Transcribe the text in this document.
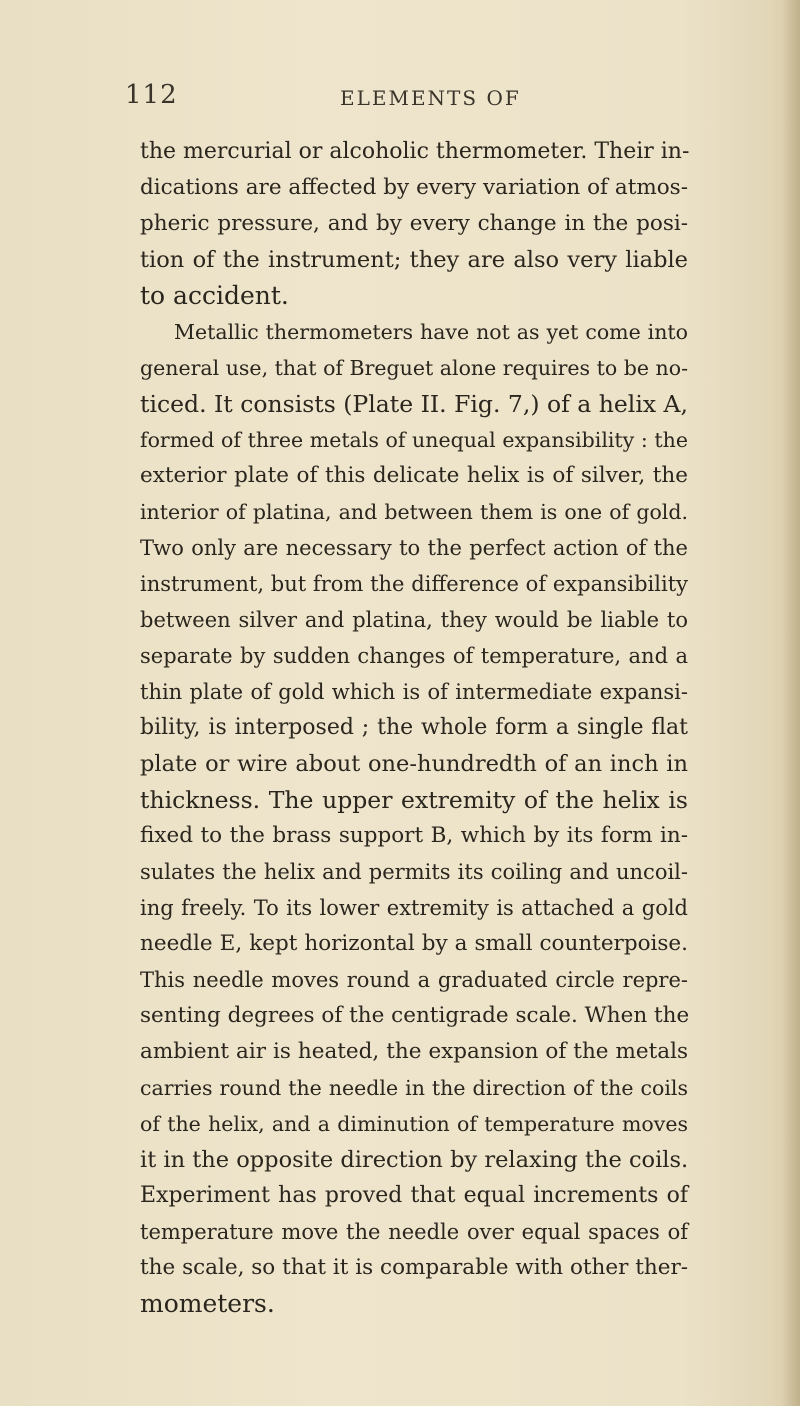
112	ELEMENTS OF
the mercurial or alcoholic thermometer. Their in-
dications are affected by every variation of atmos-
pheric pressure, and by every change in the posi-
tion of the instrument; they are also very liable
to accident.
Metallic thermometers have not as yet come into
general use, that of Breguet alone requires to be no-
ticed. It consists (Plate II. Fig. 7,) of a helix A,
formed of three metals of unequal expansibility : the
exterior plate of this delicate helix is of silver, the
interior of platina, and between them is one of gold.
Two only are necessary to the perfect action of the
instrument, but from the difference of expansibility
between silver and platina, they would be liable to
separate by sudden changes of temperature, and a
thin plate of gold which is of intermediate expansi-
bility, is interposed ; the whole form a single flat
plate or wire about one-hundredth of an inch in
thickness. The upper extremity of the helix is
fixed to the brass support B, which by its form in-
sulates the helix and permits its coiling and uncoil-
ing freely. To its lower extremity is attached a gold
needle E, kept horizontal by a small counterpoise.
This needle moves round a graduated circle repre-
senting degrees of the centigrade scale. When the
ambient air is heated, the expansion of the metals
carries round the needle in the direction of the coils
of the helix, and a diminution of temperature moves
it in the opposite direction by relaxing the coils.
Experiment has proved that equal increments of
temperature move the needle over equal spaces of
the scale, so that it is comparable with other ther-
mometers.
